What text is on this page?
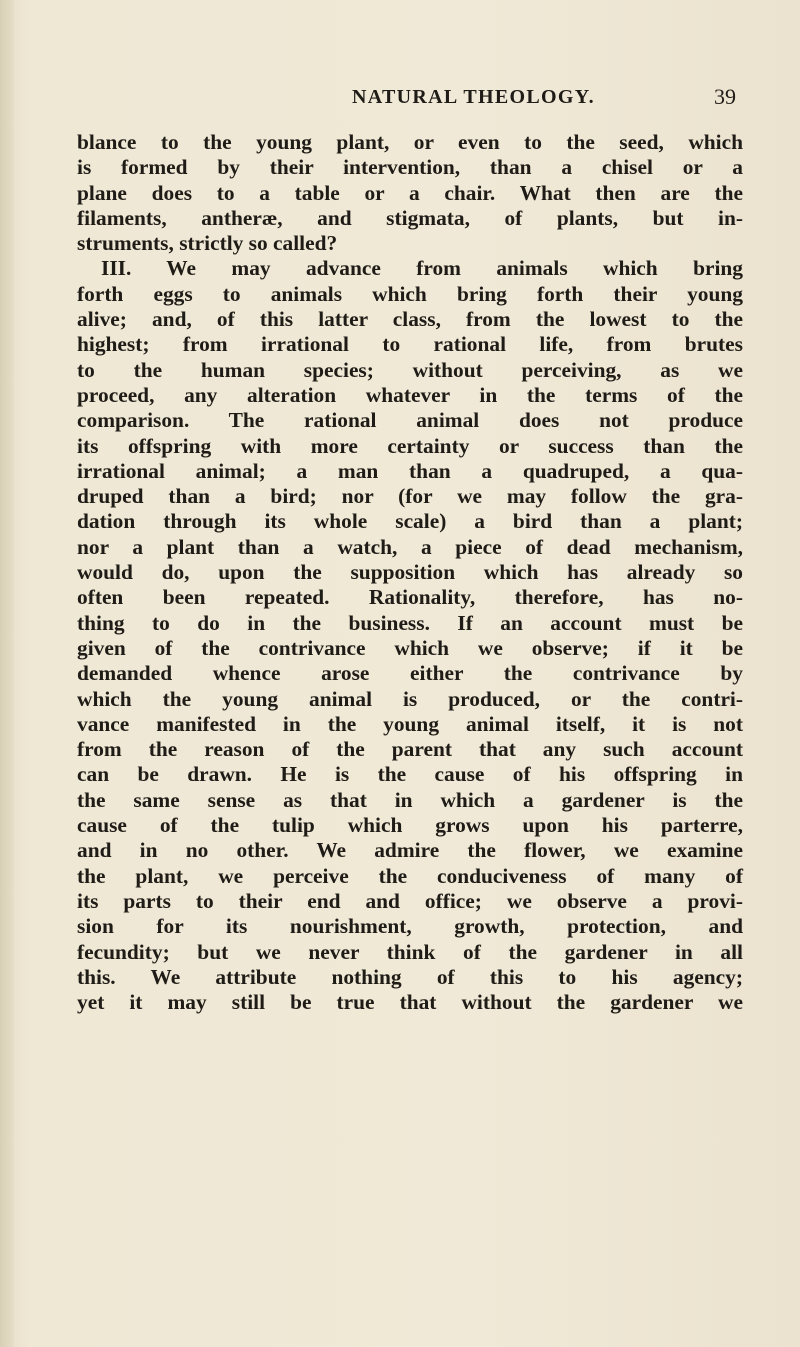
NATURAL THEOLOGY.	39
blance to the young plant, or even to the seed, which
is formed by their intervention, than a chisel or a
plane does to a table or a chair. What then are the
filaments, antheræ, and stigmata, of plants, but in-
struments, strictly so called?
III. We may advance from animals which bring
forth eggs to animals which bring forth their young
alive; and, of this latter class, from the lowest to the
highest; from irrational to rational life, from brutes
to the human species; without perceiving, as we
proceed, any alteration whatever in the terms of the
comparison. The rational animal does not produce
its offspring with more certainty or success than the
irrational animal; a man than a quadruped, a qua-
druped than a bird; nor (for we may follow the gra-
dation through its whole scale) a bird than a plant;
nor a plant than a watch, a piece of dead mechanism,
would do, upon the supposition which has already so
often been repeated. Rationality, therefore, has no-
thing to do in the business. If an account must be
given of the contrivance which we observe; if it be
demanded whence arose either the contrivance by
which the young animal is produced, or the contri-
vance manifested in the young animal itself, it is not
from the reason of the parent that any such account
can be drawn. He is the cause of his offspring in
the same sense as that in which a gardener is the
cause of the tulip which grows upon his parterre,
and in no other. We admire the flower, we examine
the plant, we perceive the conduciveness of many of
its parts to their end and office; we observe a provi-
sion for its nourishment, growth, protection, and
fecundity; but we never think of the gardener in all
this. We attribute nothing of this to his agency;
yet it may still be true that without the gardener we
